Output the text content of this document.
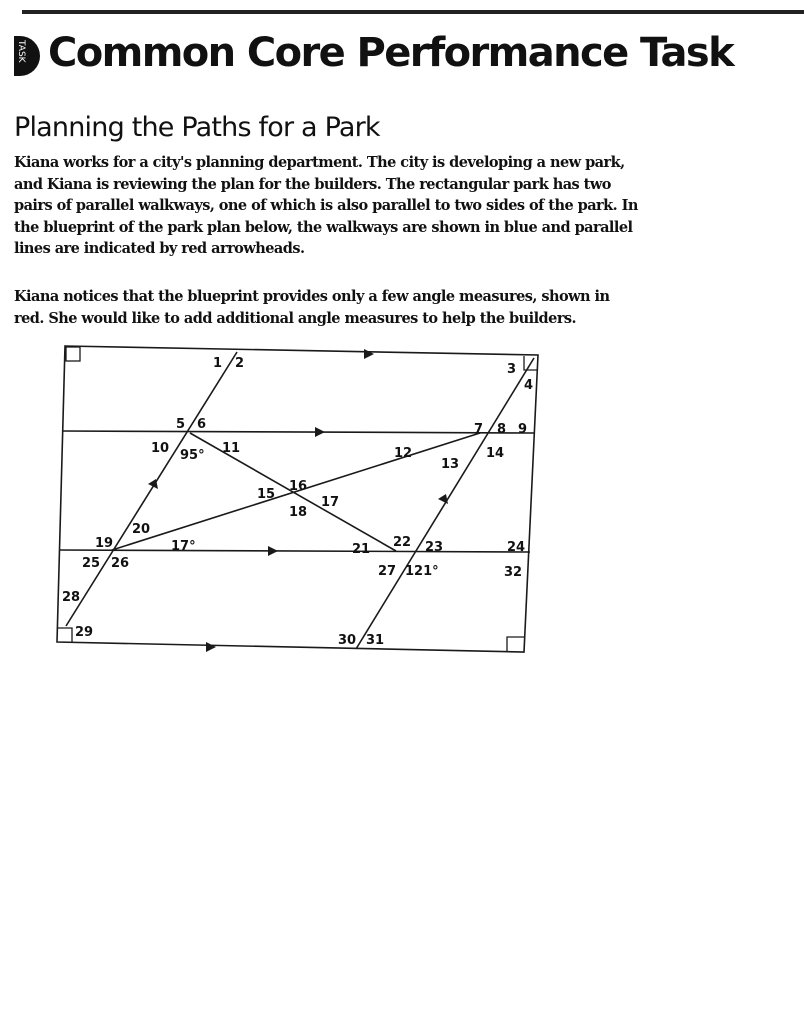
TASK Common Core Performance Task
Planning the Paths for a Park
Kiana works for a city's planning department. The city is developing a new park,
and Kiana is reviewing the plan for the builders. The rectangular park has two
pairs of parallel walkways, one of which is also parallel to two sides of the park. In
the blueprint of the park plan below, the walkways are shown in blue and parallel
lines are indicated by red arrowheads.
Kiana notices that the blueprint provides only a few angle measures, shown in
red. She would like to add additional angle measures to help the builders.
1 2	3
4
5 6	7 8 9
10	11	12
13
14
15
16
17
18
19
20
21 22 23	24
25 26
27
28
29
30 31
32
95°
17°
121°
